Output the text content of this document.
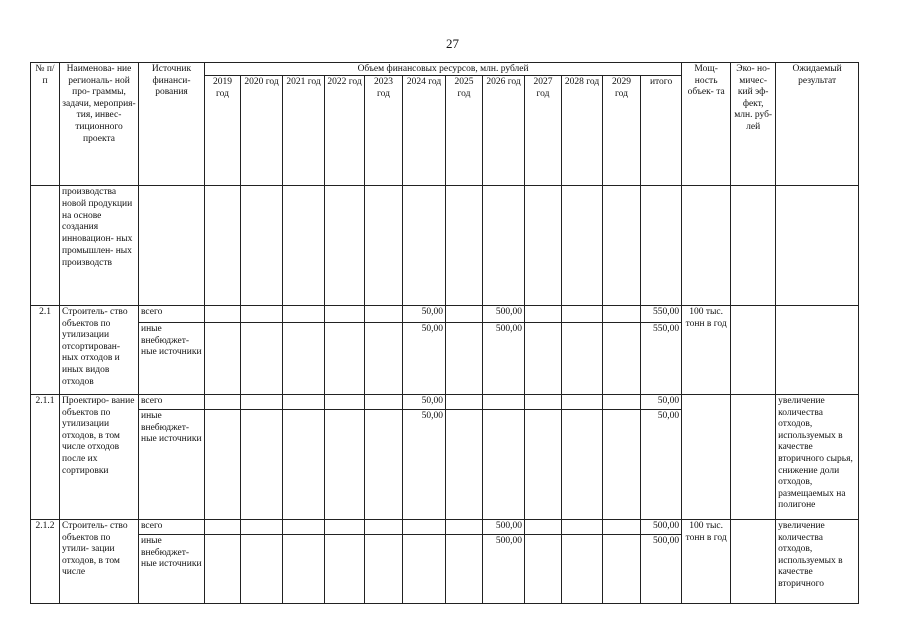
27
№ п/п	Наименова- ние региональ- ной про- граммы, задачи, мероприя- тия, инвес- тиционного проекта	Источник финанси- рования	Объем финансовых ресурсов, млн. рублей												Мощ- ность объек- та	Эко- но- мичес- кий эф- фект, млн. руб- лей	Ожидаемый результат
			2019 год	2020 год	2021 год	2022 год	2023 год	2024 год	2025 год	2026 год	2027 год	2028 год	2029 год	итого			
	производства новой продукции на основе создания инновацион- ных промышлен- ных производств																
2.1	Строитель- ство объектов по утилизации отсортирован- ных отходов и иных видов отходов	всего						50,00		500,00				550,00	100 тыс. тонн в год		
		иные внебюджет- ные источники						50,00		500,00				550,00			
2.1.1	Проектиро- вание объектов по утилизации отходов, в том числе отходов после их сортировки	всего						50,00						50,00			увеличение количества отходов, используемых в качестве вторичного сырья, снижение доли отходов, размещаемых на полигоне
		иные внебюджет- ные источники						50,00						50,00			
2.1.2	Строитель- ство объектов по утили- зации отходов, в том числе	всего								500,00				500,00	100 тыс. тонн в год		увеличение количества отходов, используемых в качестве вторичного
		иные внебюджет- ные источники								500,00				500,00			
